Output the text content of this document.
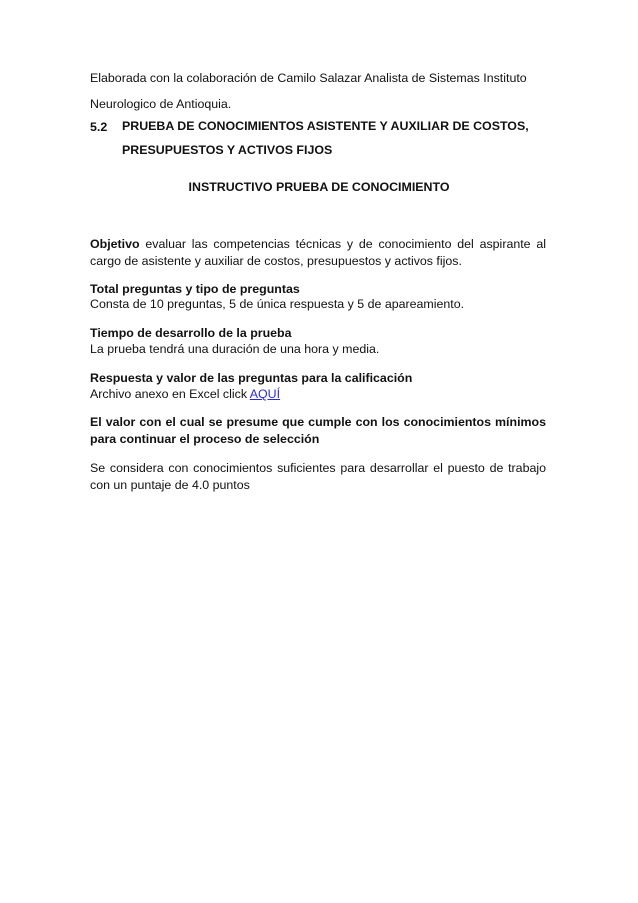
Elaborada con la colaboración de Camilo Salazar Analista de Sistemas Instituto
Neurologico de Antioquia.
5.2 PRUEBA DE CONOCIMIENTOS ASISTENTE Y AUXILIAR DE COSTOS, PRESUPUESTOS Y ACTIVOS FIJOS
INSTRUCTIVO PRUEBA DE CONOCIMIENTO
Objetivo evaluar las competencias técnicas y de conocimiento del aspirante al cargo de asistente y auxiliar de costos, presupuestos y activos fijos.
Total preguntas y tipo de preguntas
Consta de 10 preguntas, 5 de única respuesta y 5 de apareamiento.
Tiempo de desarrollo de la prueba
La prueba tendrá una duración de una hora y media.
Respuesta y valor de las preguntas para la calificación
Archivo anexo en Excel click AQUÍ
El valor con el cual se presume que cumple con los conocimientos mínimos para continuar el proceso de selección
Se considera con conocimientos suficientes para desarrollar el puesto de trabajo con un puntaje de 4.0 puntos
